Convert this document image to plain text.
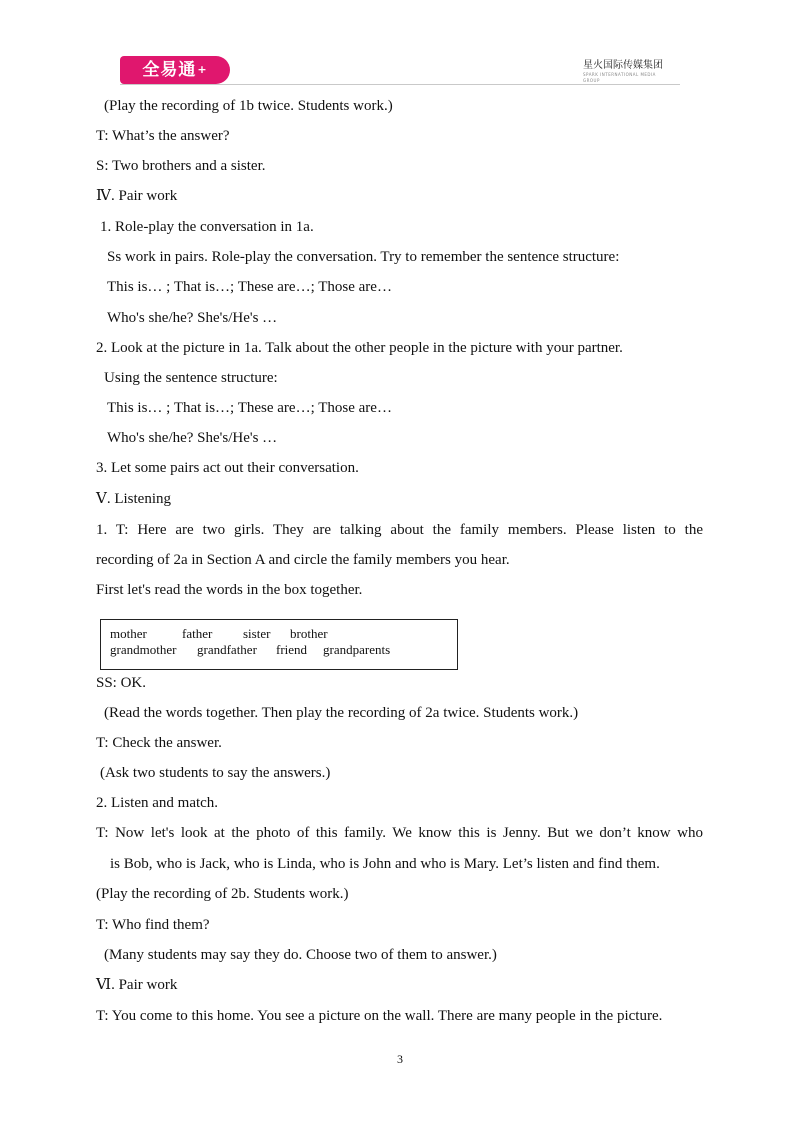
全易通+	星火国际传媒集团
SPARK INTERNATIONAL MEDIA GROUP
(Play the recording of 1b twice. Students work.)
T: What’s the answer?
S: Two brothers and a sister.
Ⅳ. Pair work
1. Role-play the conversation in 1a.
Ss work in pairs. Role-play the conversation. Try to remember the sentence structure:
This is… ; That is…; These are…; Those are…
Who's she/he? She's/He's …
2. Look at the picture in 1a. Talk about the other people in the picture with your partner.
Using the sentence structure:
This is… ; That is…; These are…; Those are…
Who's she/he? She's/He's …
3. Let some pairs act out their conversation.
Ⅴ. Listening
1. T: Here are two girls. They are talking about the family members. Please listen to the
recording of 2a in Section A and circle the family members you hear.
First let's read the words in the box together.
mother	father sister brother
grandmother grandfather friend grandparents
SS: OK.
(Read the words together. Then play the recording of 2a twice. Students work.)
T: Check the answer.
(Ask two students to say the answers.)
2. Listen and match.
T: Now let's look at the photo of this family. We know this is Jenny. But we don’t know who
is Bob, who is Jack, who is Linda, who is John and who is Mary. Let’s listen and find them.
(Play the recording of 2b. Students work.)
T: Who find them?
(Many students may say they do. Choose two of them to answer.)
Ⅵ. Pair work
T: You come to this home. You see a picture on the wall. There are many people in the picture.
3
